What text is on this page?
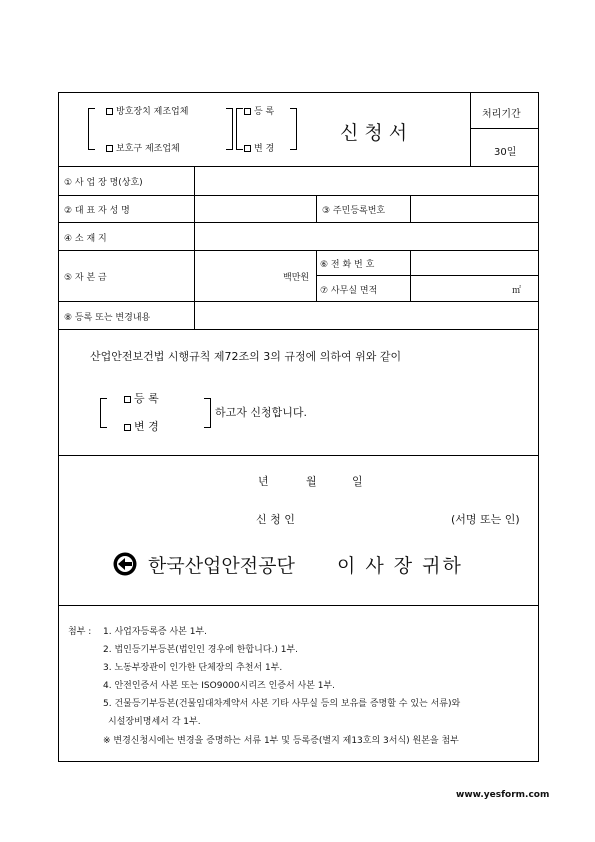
방호장치 제조업체
보호구 제조업체
등 록
변 경
신청서
처리기간
30일
① 사 업 장 명(상호)
② 대 표 자 성 명	③ 주민등록번호
④ 소 재 지
⑤ 자 본 금	백만원
⑥ 전 화 번 호
⑦ 사무실 면적	㎡
⑧ 등록 또는 변경내용
산업안전보건법 시행규칙 제72조의 3의 규정에 의하여 위와 같이
등 록
변 경
하고자 신청합니다.
년	월	일
신 청 인	(서명 또는 인)
한국산업안전공단 이 사 장 귀하
첨부 : 1. 사업자등록증 사본 1부.
2. 법인등기부등본(법인인 경우에 한합니다.) 1부.
3. 노동부장관이 인가한 단체장의 추천서 1부.
4. 안전인증서 사본 또는 ISO9000시리즈 인증서 사본 1부.
5. 건물등기부등본(건물임대차계약서 사본 기타 사무실 등의 보유를 증명할 수 있는 서류)와
시설장비명세서 각 1부.
※ 변경신청시에는 변경을 증명하는 서류 1부 및 등록증(별지 제13호의 3서식) 원본을 첨부
www.yesform.com
